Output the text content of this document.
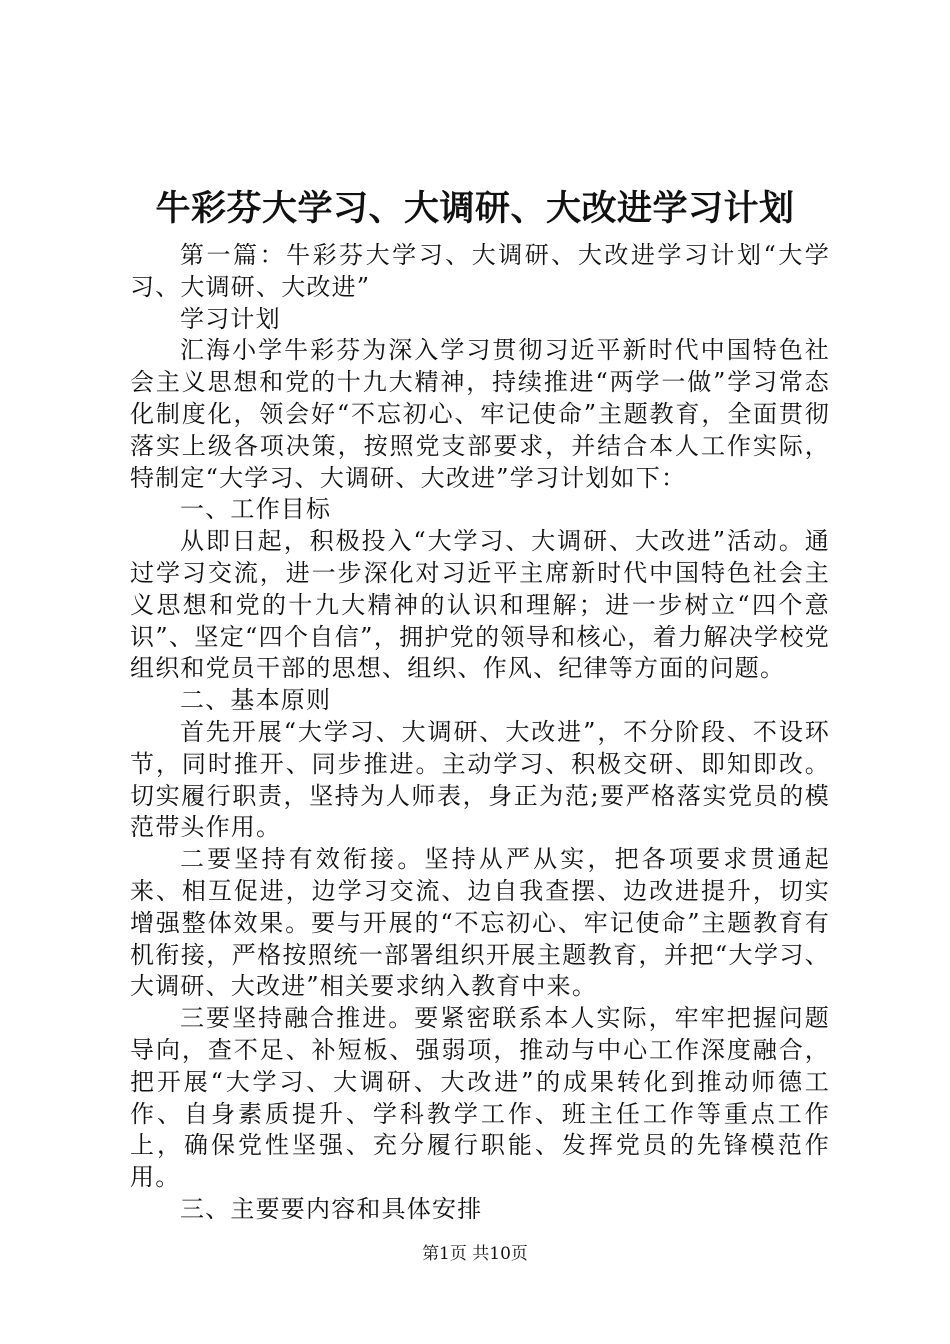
牛彩芬大学习、大调研、大改进学习计划

第一篇：牛彩芬大学习、大调研、大改进学习计划“大学习、大调研、大改进”

学习计划

汇海小学牛彩芬为深入学习贯彻习近平新时代中国特色社会主义思想和党的十九大精神，持续推进“两学一做”学习常态化制度化，领会好“不忘初心、牢记使命”主题教育，全面贯彻落实上级各项决策，按照党支部要求，并结合本人工作实际，特制定“大学习、大调研、大改进”学习计划如下：

一、工作目标

从即日起，积极投入“大学习、大调研、大改进”活动。通过学习交流，进一步深化对习近平主席新时代中国特色社会主义思想和党的十九大精神的认识和理解；进一步树立“四个意识”、坚定“四个自信”，拥护党的领导和核心，着力解决学校党组织和党员干部的思想、组织、作风、纪律等方面的问题。

二、基本原则

首先开展“大学习、大调研、大改进”，不分阶段、不设环节，同时推开、同步推进。主动学习、积极交研、即知即改。切实履行职责，坚持为人师表，身正为范;要严格落实党员的模范带头作用。

二要坚持有效衔接。坚持从严从实，把各项要求贯通起来、相互促进，边学习交流、边自我查摆、边改进提升，切实增强整体效果。要与开展的“不忘初心、牢记使命”主题教育有机衔接，严格按照统一部署组织开展主题教育，并把“大学习、大调研、大改进”相关要求纳入教育中来。

三要坚持融合推进。要紧密联系本人实际，牢牢把握问题导向，查不足、补短板、强弱项，推动与中心工作深度融合，把开展“大学习、大调研、大改进”的成果转化到推动师德工作、自身素质提升、学科教学工作、班主任工作等重点工作上，确保党性坚强、充分履行职能、发挥党员的先锋模范作用。

三、主要要内容和具体安排

第1页 共10页
